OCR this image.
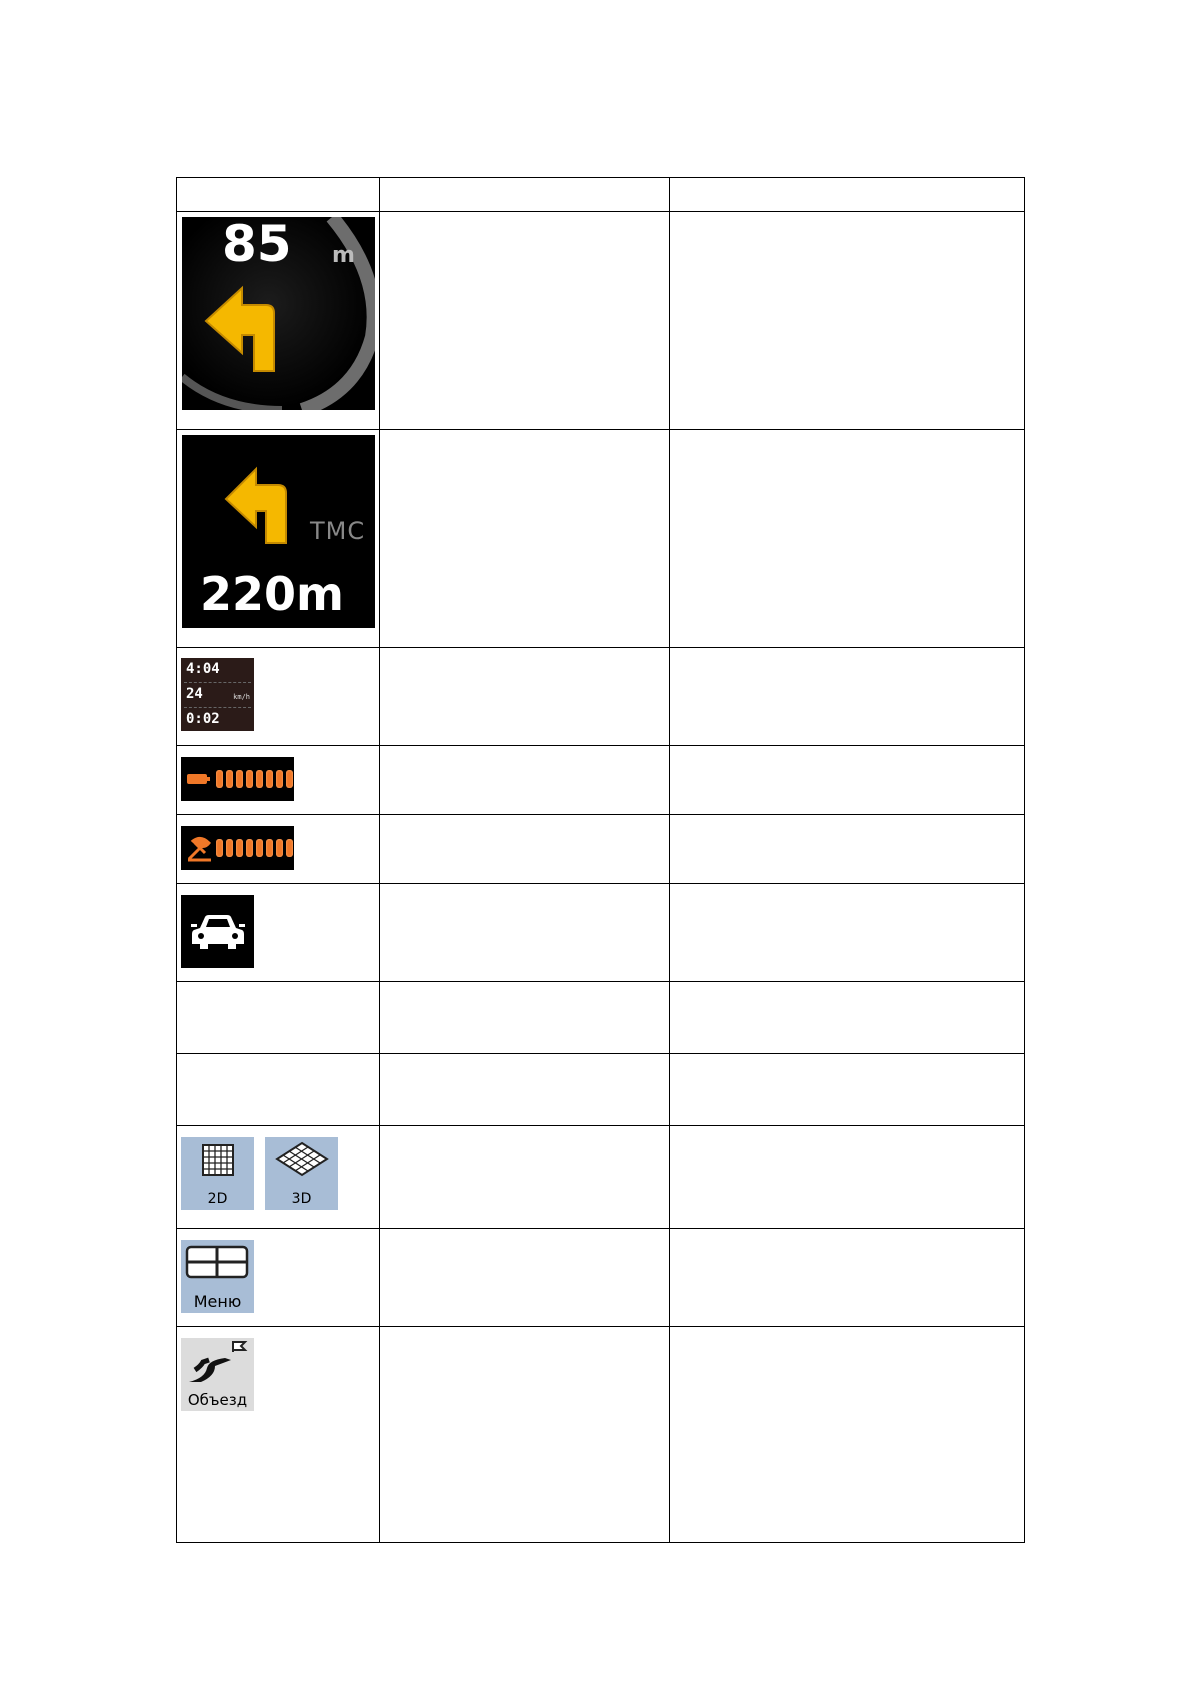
85 m		

TMC
220m		

4:04
24 km/h
0:02		

2D 3D		

Меню		

Объезд		
